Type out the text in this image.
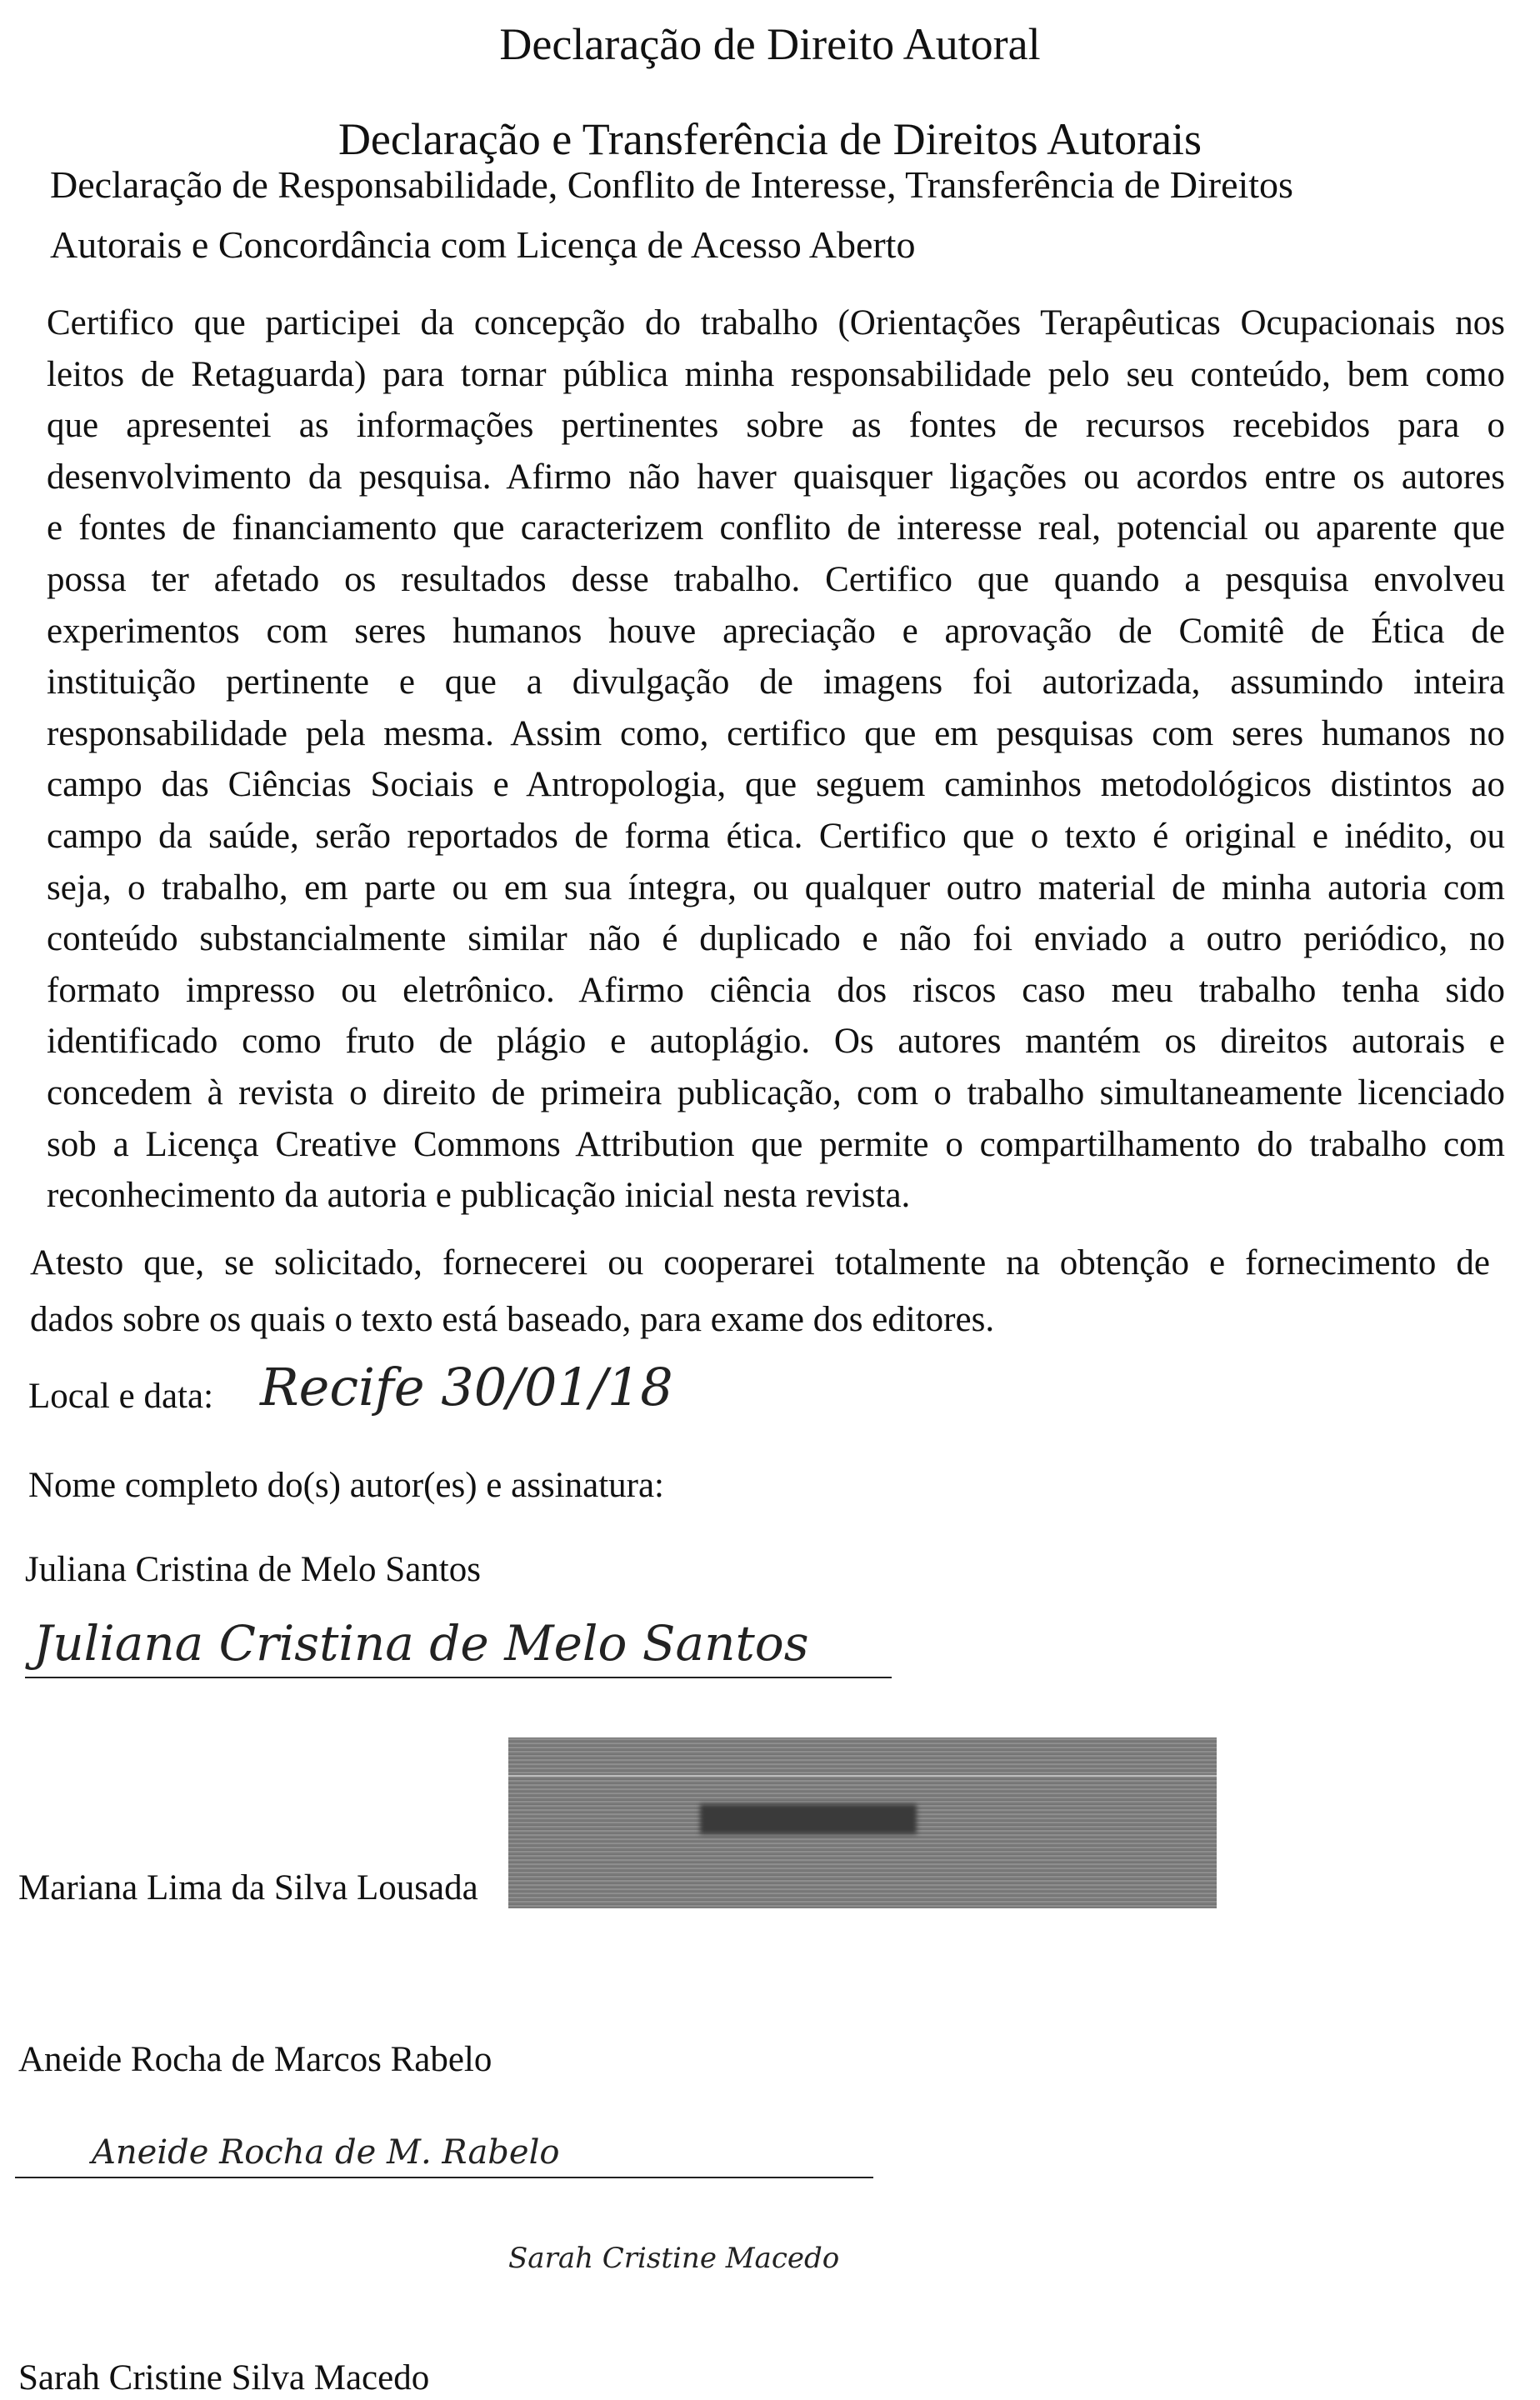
Declaração de Direito Autoral
Declaração e Transferência de Direitos Autorais
Declaração de Responsabilidade, Conflito de Interesse, Transferência de Direitos
Autorais e Concordância com Licença de Acesso Aberto
Certifico que participei da concepção do trabalho (Orientações Terapêuticas Ocupacionais nos
leitos de Retaguarda) para tornar pública minha responsabilidade pelo seu conteúdo, bem como
que apresentei as informações pertinentes sobre as fontes de recursos recebidos para o
desenvolvimento da pesquisa. Afirmo não haver quaisquer ligações ou acordos entre os autores
e fontes de financiamento que caracterizem conflito de interesse real, potencial ou aparente que
possa ter afetado os resultados desse trabalho. Certifico que quando a pesquisa envolveu
experimentos com seres humanos houve apreciação e aprovação de Comitê de Ética de
instituição pertinente e que a divulgação de imagens foi autorizada, assumindo inteira
responsabilidade pela mesma. Assim como, certifico que em pesquisas com seres humanos no
campo das Ciências Sociais e Antropologia, que seguem caminhos metodológicos distintos ao
campo da saúde, serão reportados de forma ética. Certifico que o texto é original e inédito, ou
seja, o trabalho, em parte ou em sua íntegra, ou qualquer outro material de minha autoria com
conteúdo substancialmente similar não é duplicado e não foi enviado a outro periódico, no
formato impresso ou eletrônico. Afirmo ciência dos riscos caso meu trabalho tenha sido
identificado como fruto de plágio e autoplágio. Os autores mantém os direitos autorais e
concedem à revista o direito de primeira publicação, com o trabalho simultaneamente licenciado
sob a Licença Creative Commons Attribution que permite o compartilhamento do trabalho com
reconhecimento da autoria e publicação inicial nesta revista.
Atesto que, se solicitado, fornecerei ou cooperarei totalmente na obtenção e fornecimento de
dados sobre os quais o texto está baseado, para exame dos editores.
Local e data: Recife 30/01/18
Nome completo do(s) autor(es) e assinatura:
Juliana Cristina de Melo Santos
Juliana Cristina de Melo Santos
Mariana Lima da Silva Lousada
Aneide Rocha de Marcos Rabelo
Aneide Rocha de M. Rabelo
Sarah Cristine Macedo
Sarah Cristine Silva Macedo
